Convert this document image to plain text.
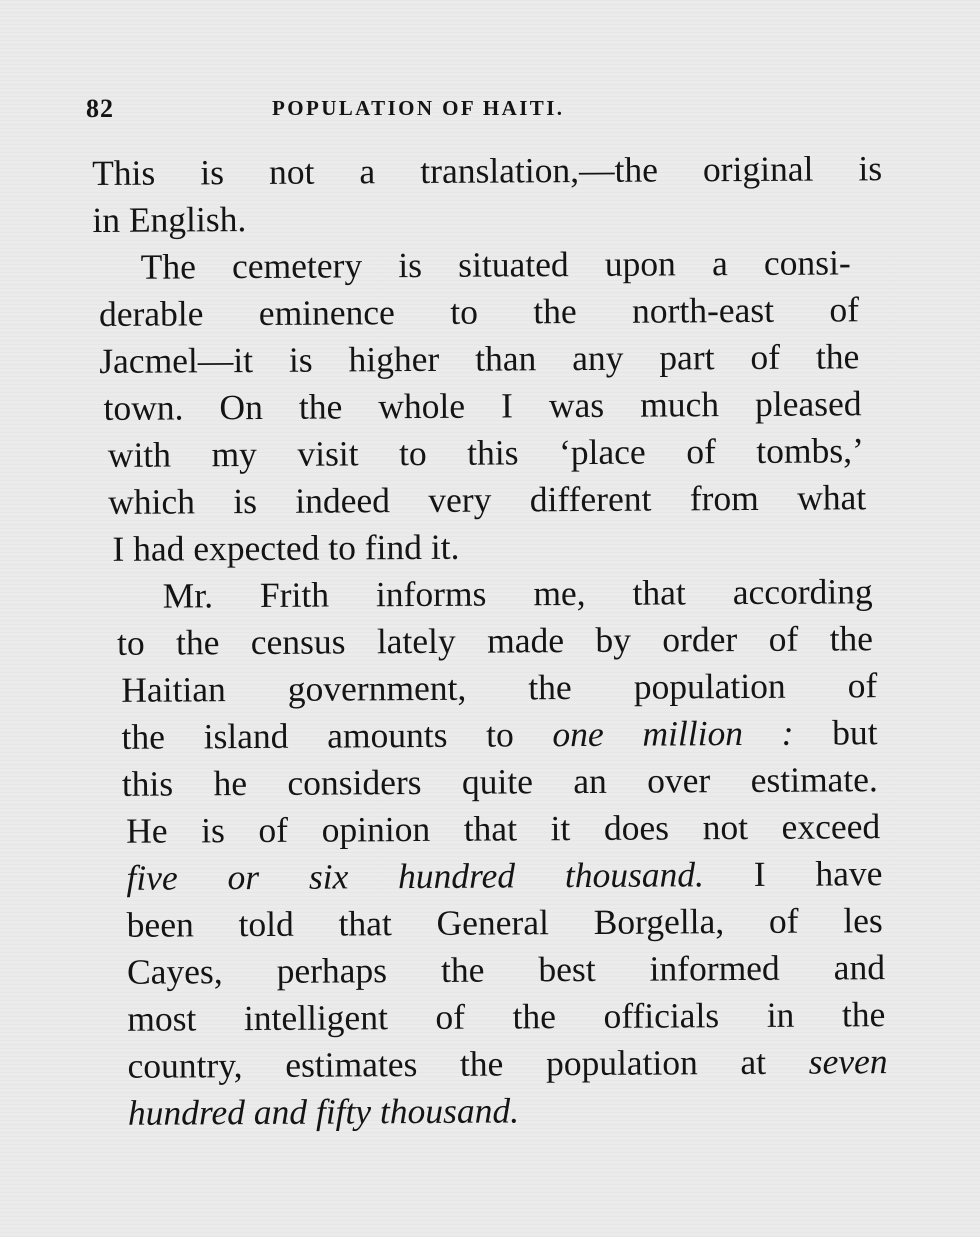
82	POPULATION OF HAITI.
This is not a translation,—the original is
in English.
The cemetery is situated upon a consi-
derable eminence to the north-east of
Jacmel—it is higher than any part of the
town. On the whole I was much pleased
with my visit to this ‘place of tombs,’
which is indeed very different from what
I had expected to find it.
Mr. Frith informs me, that according
to the census lately made by order of the
Haitian government, the population of
the island amounts to one million : but
this he considers quite an over estimate.
He is of opinion that it does not exceed
five or six hundred thousand. I have
been told that General Borgella, of les
Cayes, perhaps the best informed and
most intelligent of the officials in the
country, estimates the population at seven
hundred and fifty thousand.
